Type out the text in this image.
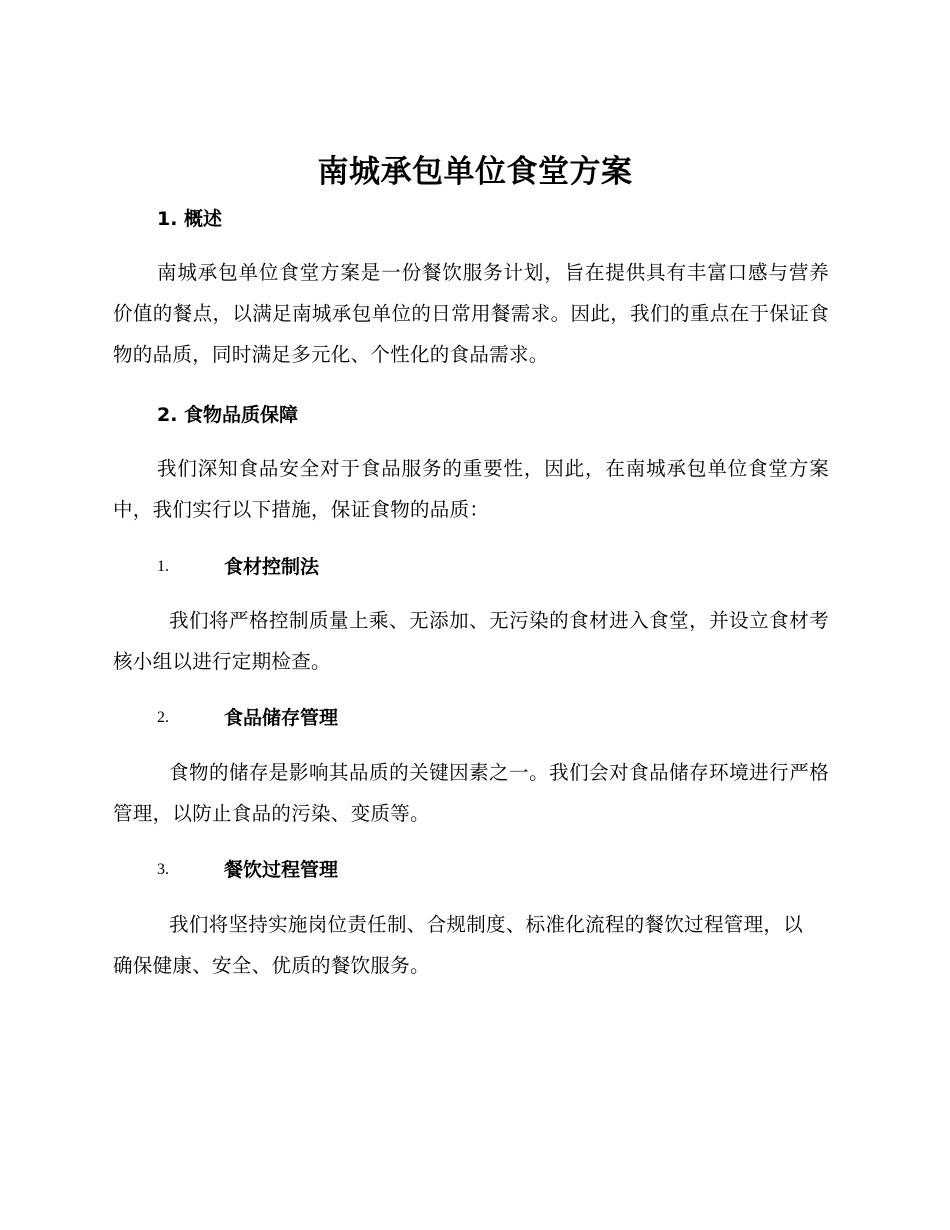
南城承包单位食堂方案
1. 概述

南城承包单位食堂方案是一份餐饮服务计划，旨在提供具有丰富口感与营养价值的餐点，以满足南城承包单位的日常用餐需求。因此，我们的重点在于保证食物的品质，同时满足多元化、个性化的食品需求。

2. 食物品质保障

我们深知食品安全对于食品服务的重要性，因此，在南城承包单位食堂方案中，我们实行以下措施，保证食物的品质：

1.	食材控制法

我们将严格控制质量上乘、无添加、无污染的食材进入食堂，并设立食材考核小组以进行定期检查。

2.	食品储存管理

食物的储存是影响其品质的关键因素之一。我们会对食品储存环境进行严格管理，以防止食品的污染、变质等。

3.	餐饮过程管理

我们将坚持实施岗位责任制、合规制度、标准化流程的餐饮过程管理，以确保健康、安全、优质的餐饮服务。
